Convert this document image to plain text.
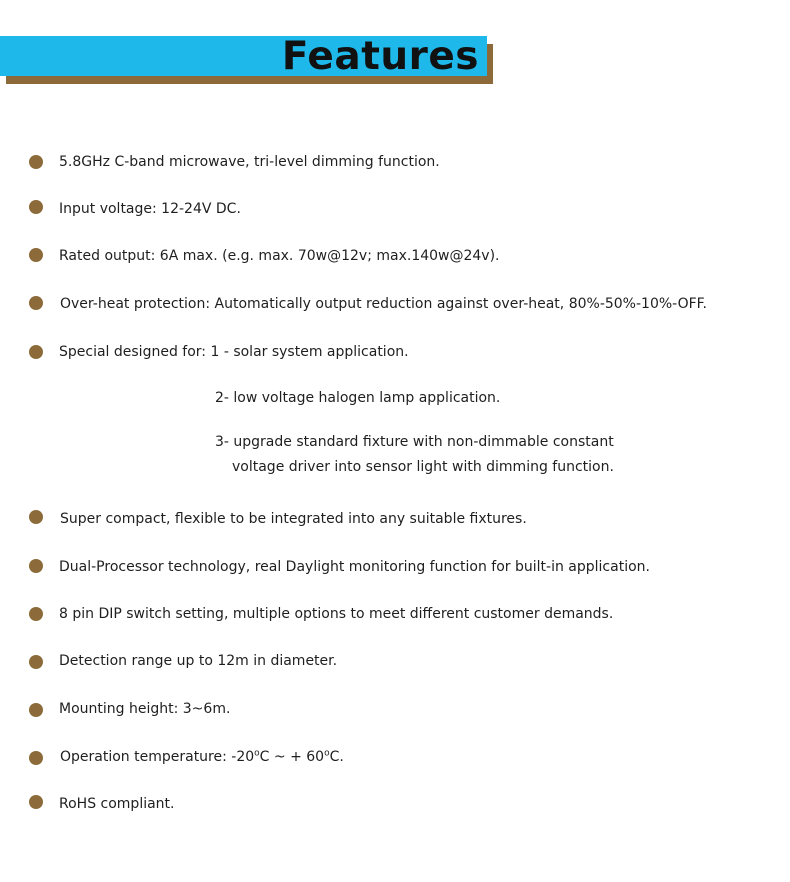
Features
5.8GHz C-band microwave, tri-level dimming function.
Input voltage: 12-24V DC.
Rated output: 6A max. (e.g. max. 70w@12v; max.140w@24v).
Over-heat protection: Automatically output reduction against over-heat, 80%-50%-10%-OFF.
Special designed for: 1 - solar system application.
2- low voltage halogen lamp application.
3- upgrade standard fixture with non-dimmable constant
voltage driver into sensor light with dimming function.
Super compact, flexible to be integrated into any suitable fixtures.
Dual-Processor technology, real Daylight monitoring function for built-in application.
8 pin DIP switch setting, multiple options to meet different customer demands.
Detection range up to 12m in diameter.
Mounting height: 3~6m.
Operation temperature: -20$^o$C ~ + $60^oC$.
RoHS compliant.
